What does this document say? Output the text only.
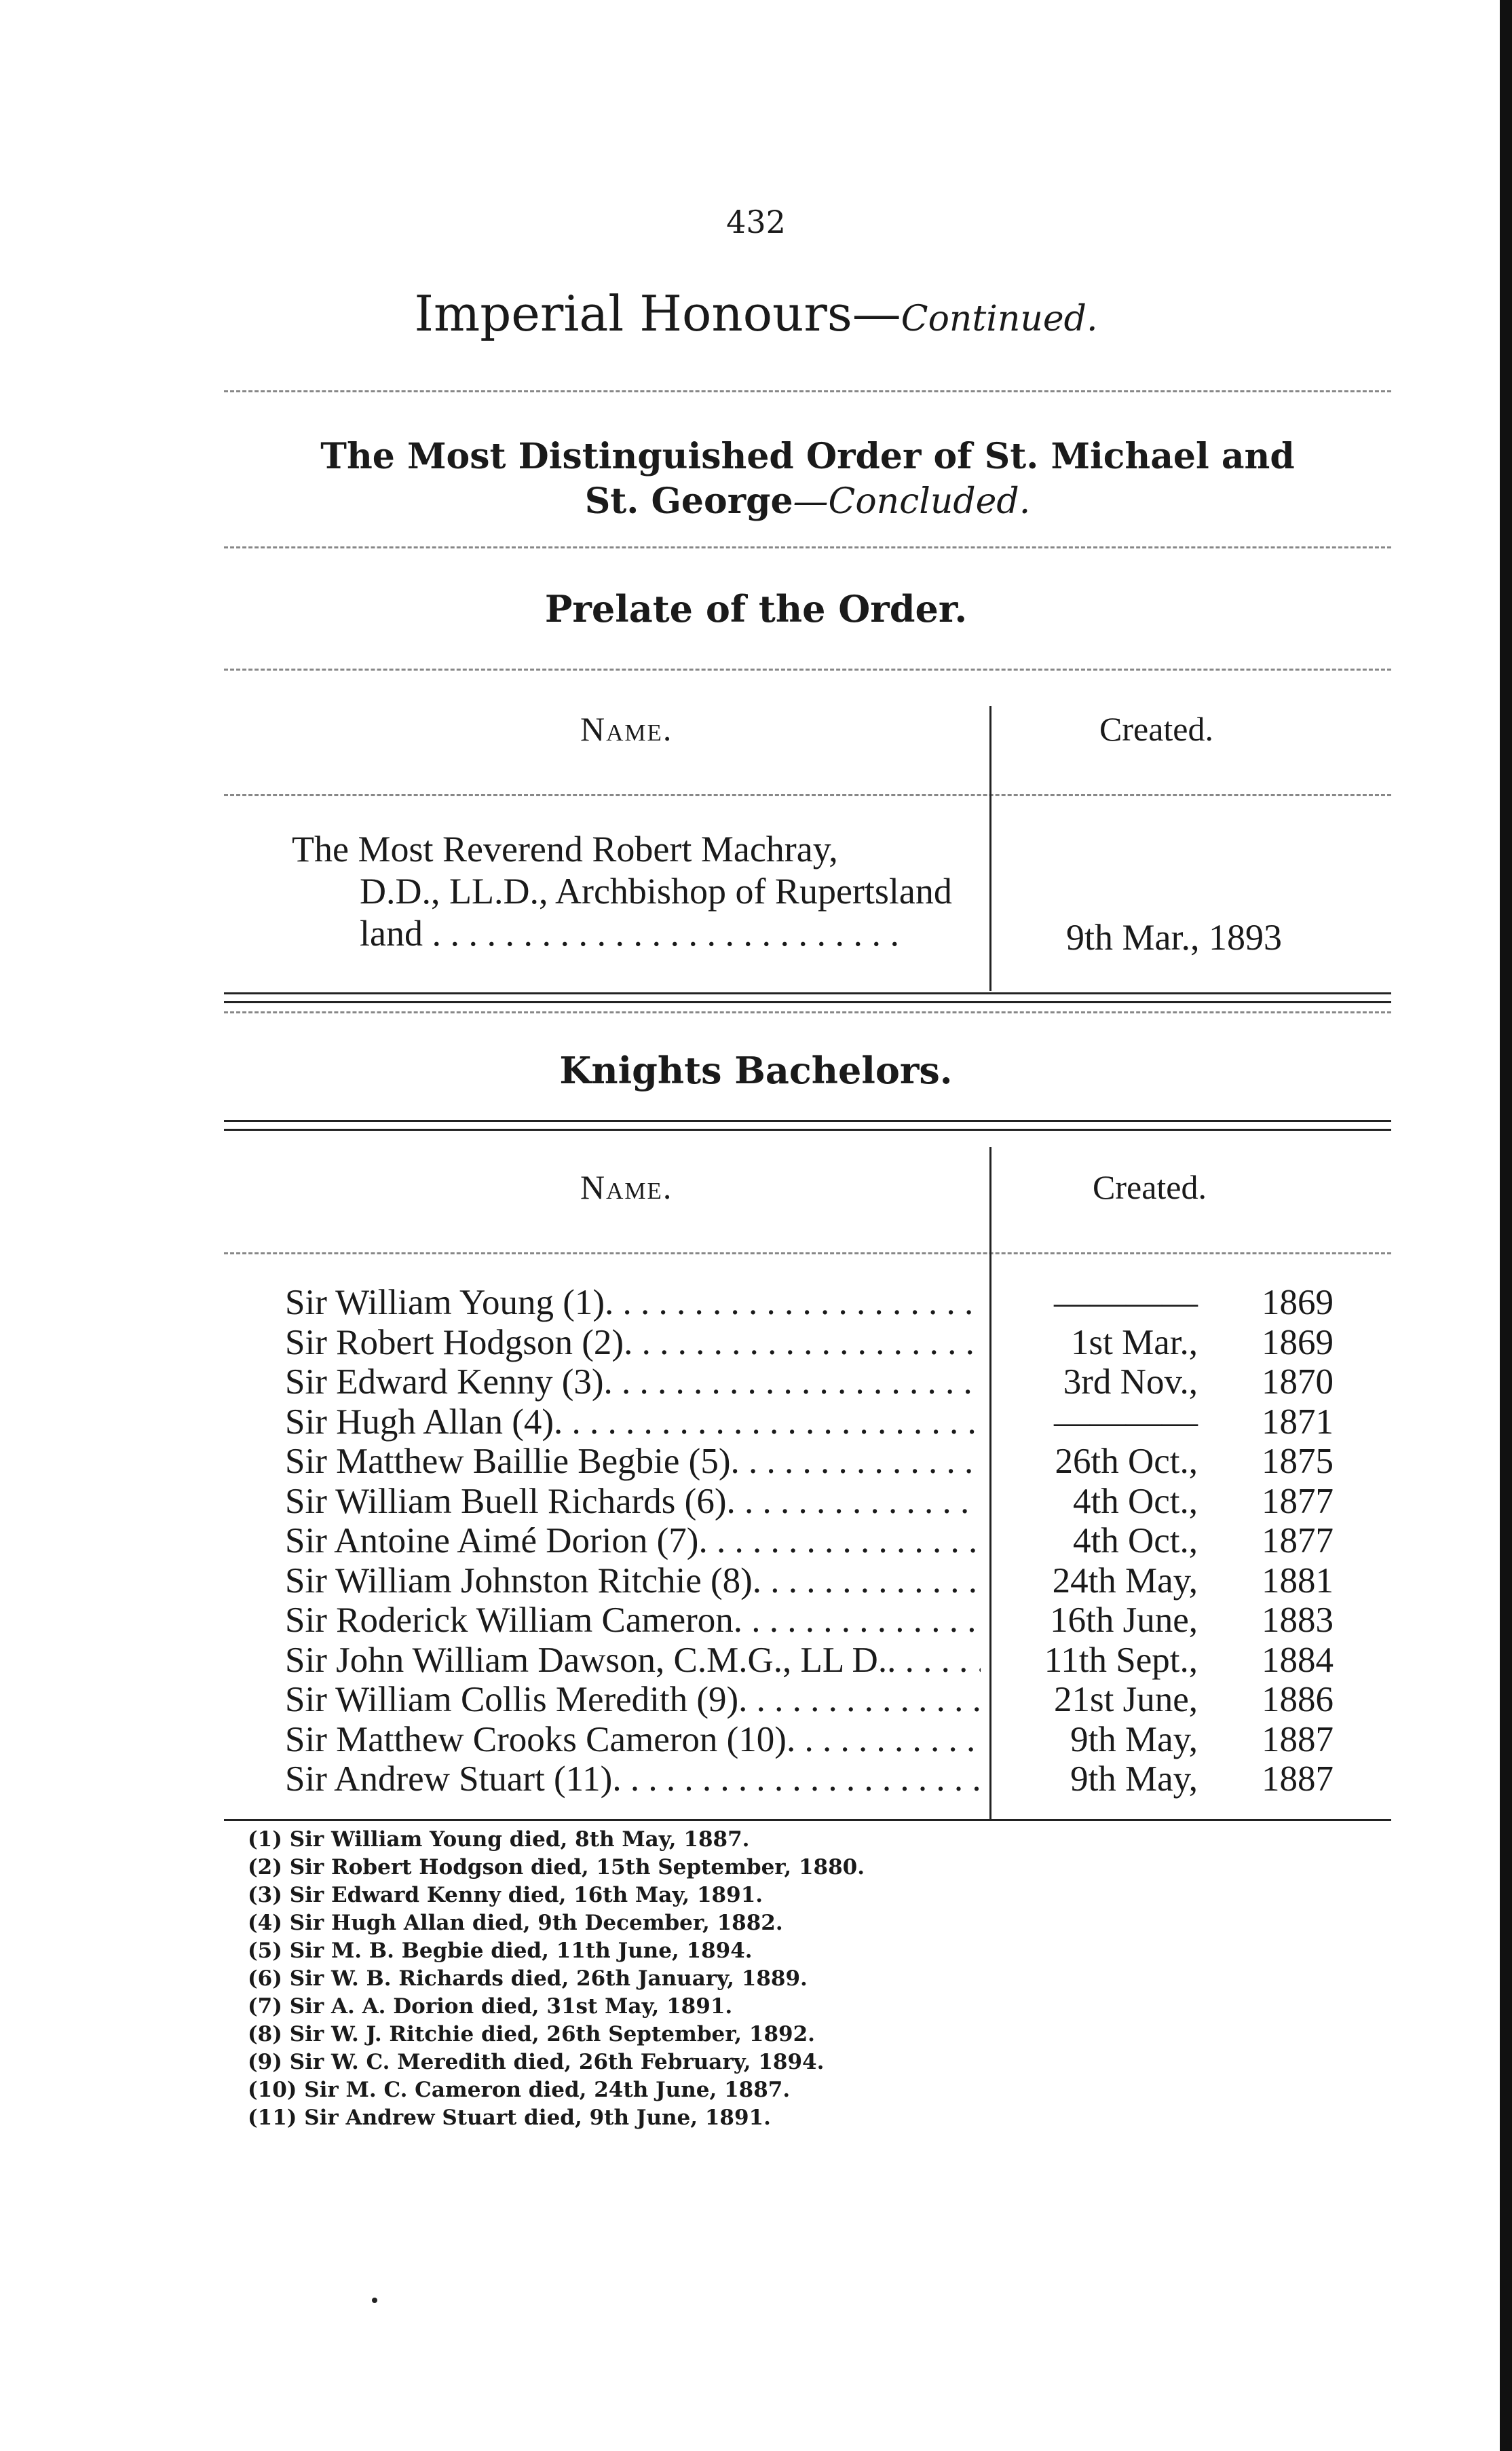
432
Imperial Honours—Continued.
The Most Distinguished Order of St. Michael and
St. George—Concluded.
Prelate of the Order.
Name.	Created.
The Most Reverend Robert Machray,
D.D., LL.D., Archbishop of Rupertsland
land . . . . . . . . . . . . . . . . . . . . . . . . . .	9th Mar., 1893
Knights Bachelors.
Name.	Created.
Sir William Young (1) . . .	————	1869
Sir Robert Hodgson (2) . . .	1st Mar.,	1869
Sir Edward Kenny (3) . . .	3rd Nov.,	1870
Sir Hugh Allan (4) . . .	————	1871
Sir Matthew Baillie Begbie (5) . . .	26th Oct.,	1875
Sir William Buell Richards (6) . . .	4th Oct.,	1877
Sir Antoine Aimé Dorion (7) . . .	4th Oct.,	1877
Sir William Johnston Ritchie (8) . . .	24th May,	1881
Sir Roderick William Cameron . . .	16th June,	1883
Sir John William Dawson, C.M.G., LL D. . . .	11th Sept.,	1884
Sir William Collis Meredith (9) . . .	21st June,	1886
Sir Matthew Crooks Cameron (10) . . .	9th May,	1887
Sir Andrew Stuart (11) . . .	9th May,	1887
(1) Sir William Young died, 8th May, 1887.
(2) Sir Robert Hodgson died, 15th September, 1880.
(3) Sir Edward Kenny died, 16th May, 1891.
(4) Sir Hugh Allan died, 9th December, 1882.
(5) Sir M. B. Begbie died, 11th June, 1894.
(6) Sir W. B. Richards died, 26th January, 1889.
(7) Sir A. A. Dorion died, 31st May, 1891.
(8) Sir W. J. Ritchie died, 26th September, 1892.
(9) Sir W. C. Meredith died, 26th February, 1894.
(10) Sir M. C. Cameron died, 24th June, 1887.
(11) Sir Andrew Stuart died, 9th June, 1891.
